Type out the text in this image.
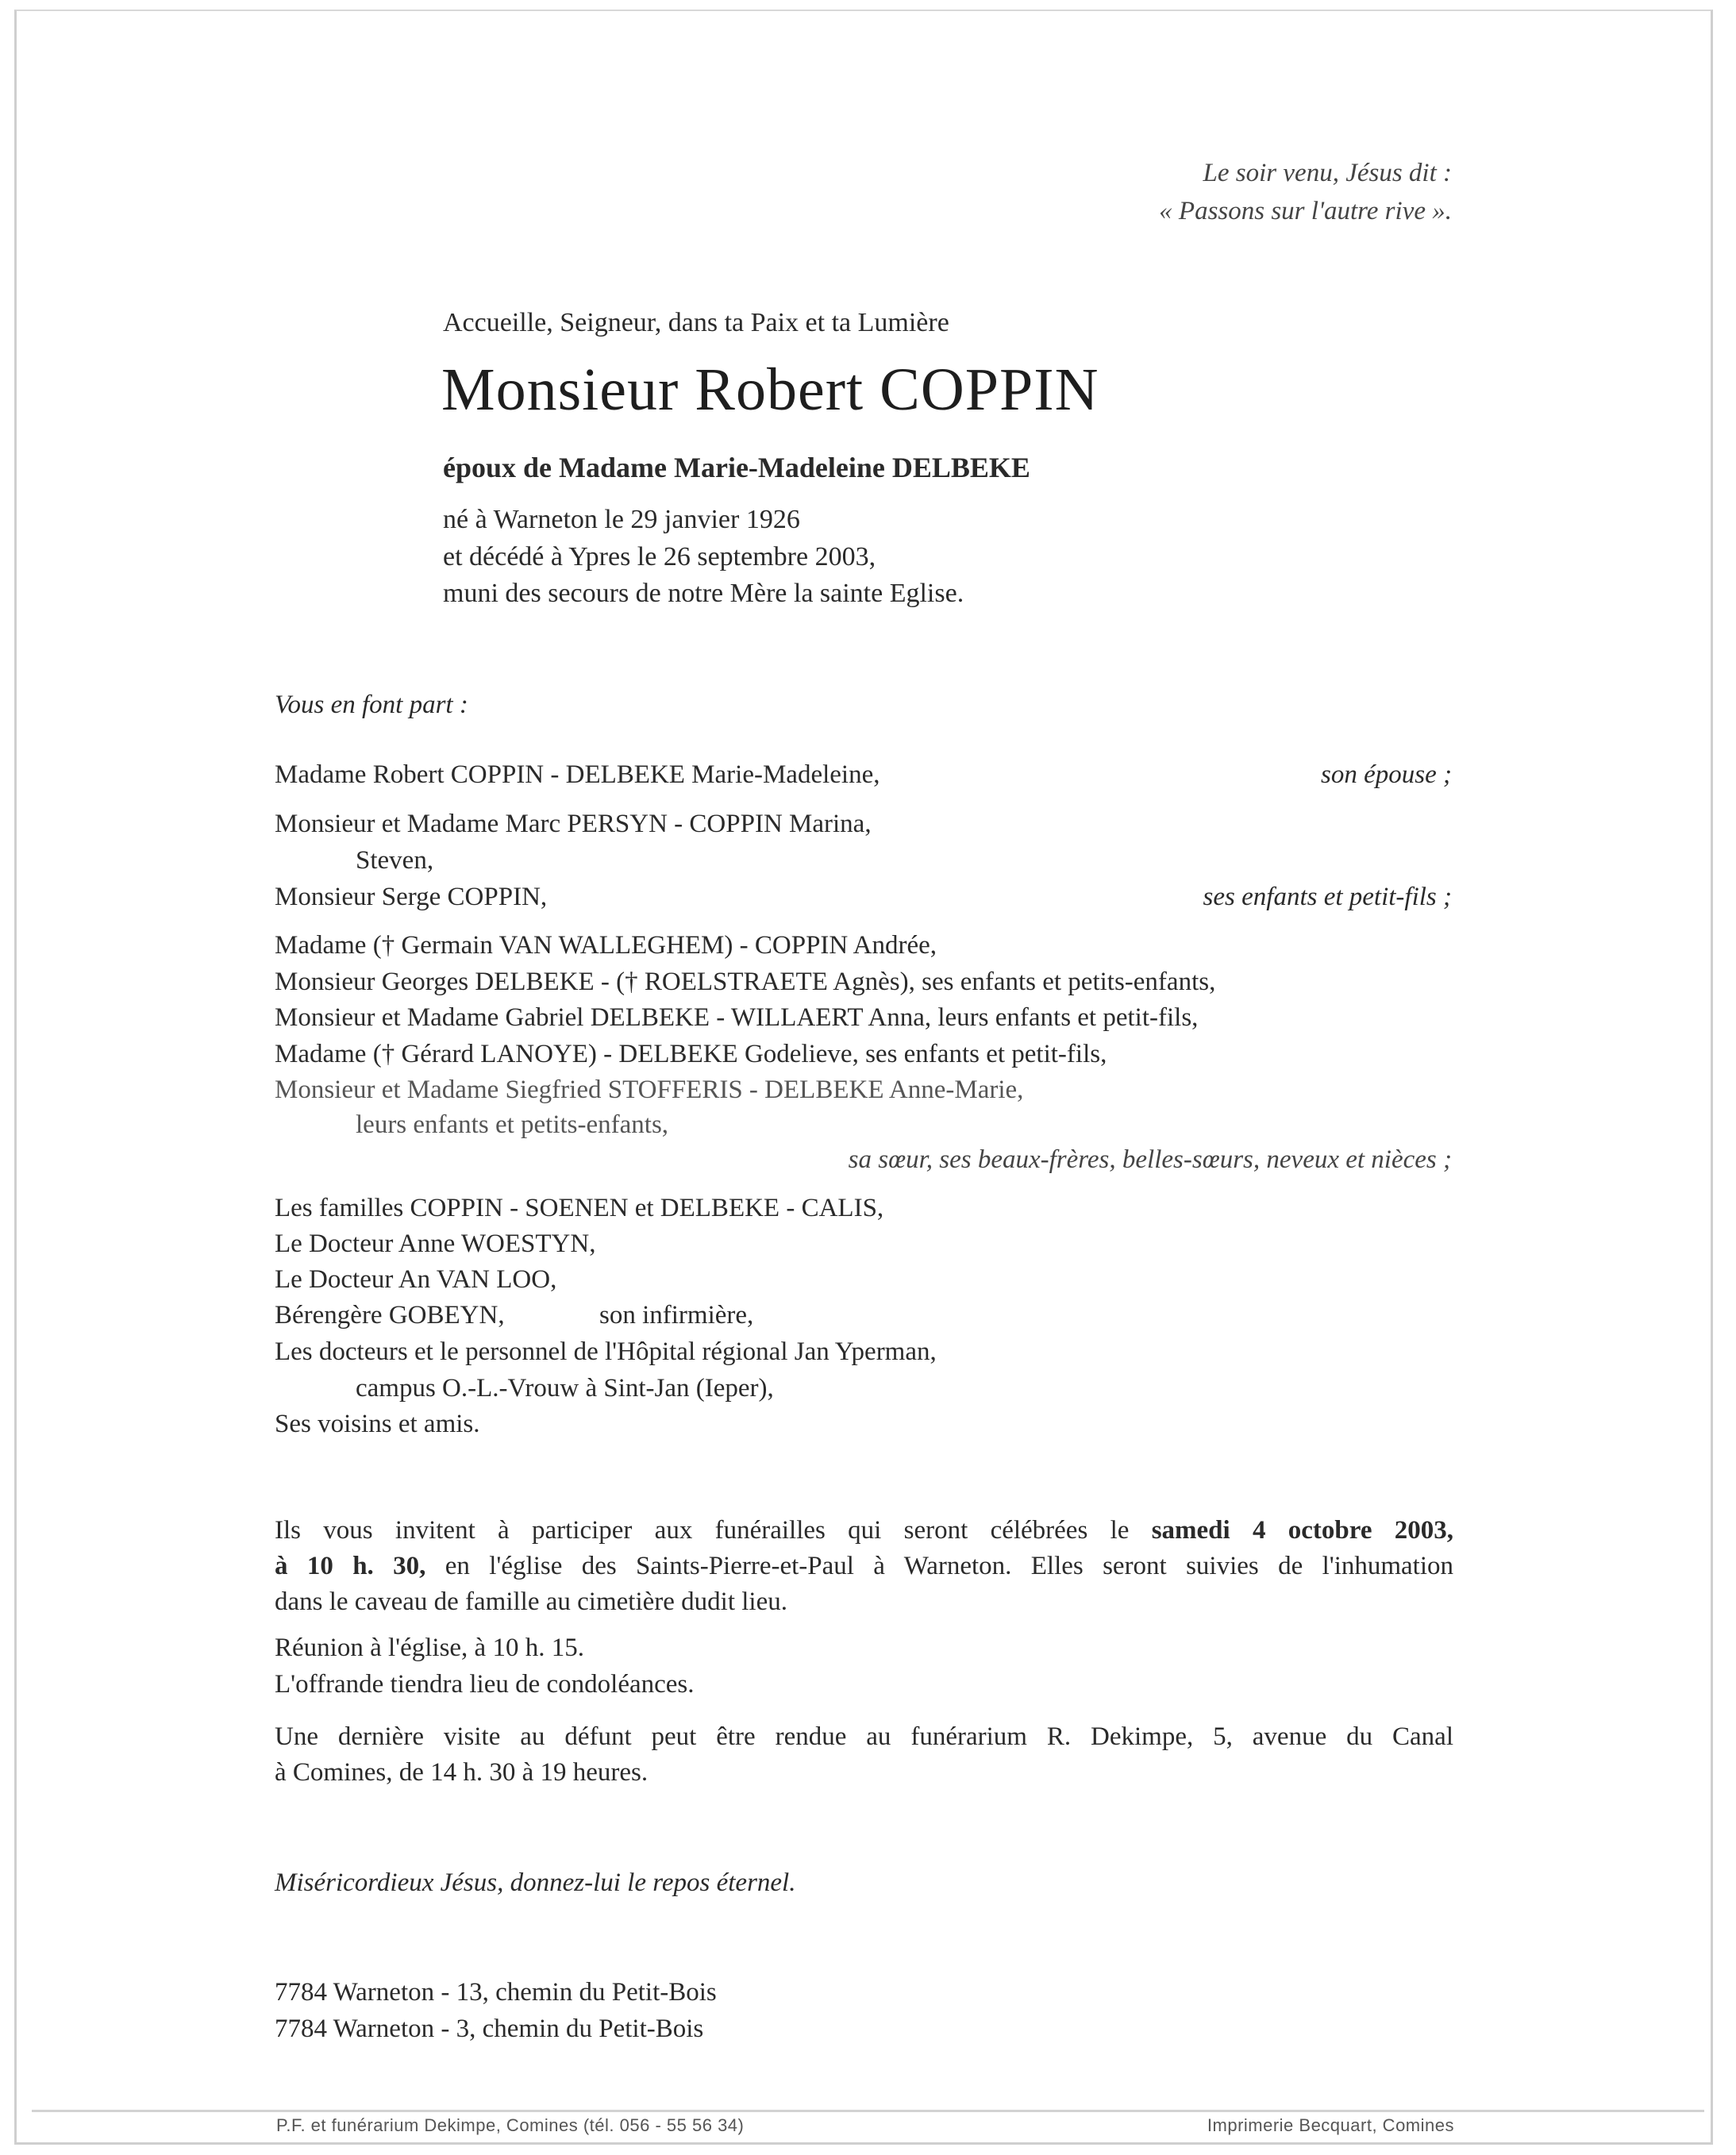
Le soir venu, Jésus dit :
« Passons sur l'autre rive ».
Accueille, Seigneur, dans ta Paix et ta Lumière
Monsieur Robert COPPIN
époux de Madame Marie-Madeleine DELBEKE
né à Warneton le 29 janvier 1926
et décédé à Ypres le 26 septembre 2003,
muni des secours de notre Mère la sainte Eglise.
Vous en font part :
Madame Robert COPPIN - DELBEKE Marie-Madeleine,	son épouse ;
Monsieur et Madame Marc PERSYN - COPPIN Marina,
Steven,
Monsieur Serge COPPIN,	ses enfants et petit-fils ;
Madame († Germain VAN WALLEGHEM) - COPPIN Andrée,
Monsieur Georges DELBEKE - († ROELSTRAETE Agnès), ses enfants et petits-enfants,
Monsieur et Madame Gabriel DELBEKE - WILLAERT Anna, leurs enfants et petit-fils,
Madame († Gérard LANOYE) - DELBEKE Godelieve, ses enfants et petit-fils,
Monsieur et Madame Siegfried STOFFERIS - DELBEKE Anne-Marie,
leurs enfants et petits-enfants,
sa sœur, ses beaux-frères, belles-sœurs, neveux et nièces ;
Les familles COPPIN - SOENEN et DELBEKE - CALIS,
Le Docteur Anne WOESTYN,
Le Docteur An VAN LOO,
Bérengère GOBEYN,	son infirmière,
Les docteurs et le personnel de l'Hôpital régional Jan Yperman,
campus O.-L.-Vrouw à Sint-Jan (Ieper),
Ses voisins et amis.
Ils vous invitent à participer aux funérailles qui seront célébrées le samedi 4 octobre 2003,
à 10 h. 30, en l'église des Saints-Pierre-et-Paul à Warneton. Elles seront suivies de l'inhumation
dans le caveau de famille au cimetière dudit lieu.
Réunion à l'église, à 10 h. 15.
L'offrande tiendra lieu de condoléances.
Une dernière visite au défunt peut être rendue au funérarium R. Dekimpe, 5, avenue du Canal
à Comines, de 14 h. 30 à 19 heures.
Miséricordieux Jésus, donnez-lui le repos éternel.
7784 Warneton - 13, chemin du Petit-Bois
7784 Warneton - 3, chemin du Petit-Bois
P.F. et funérarium Dekimpe, Comines (tél. 056 - 55 56 34)	Imprimerie Becquart, Comines
